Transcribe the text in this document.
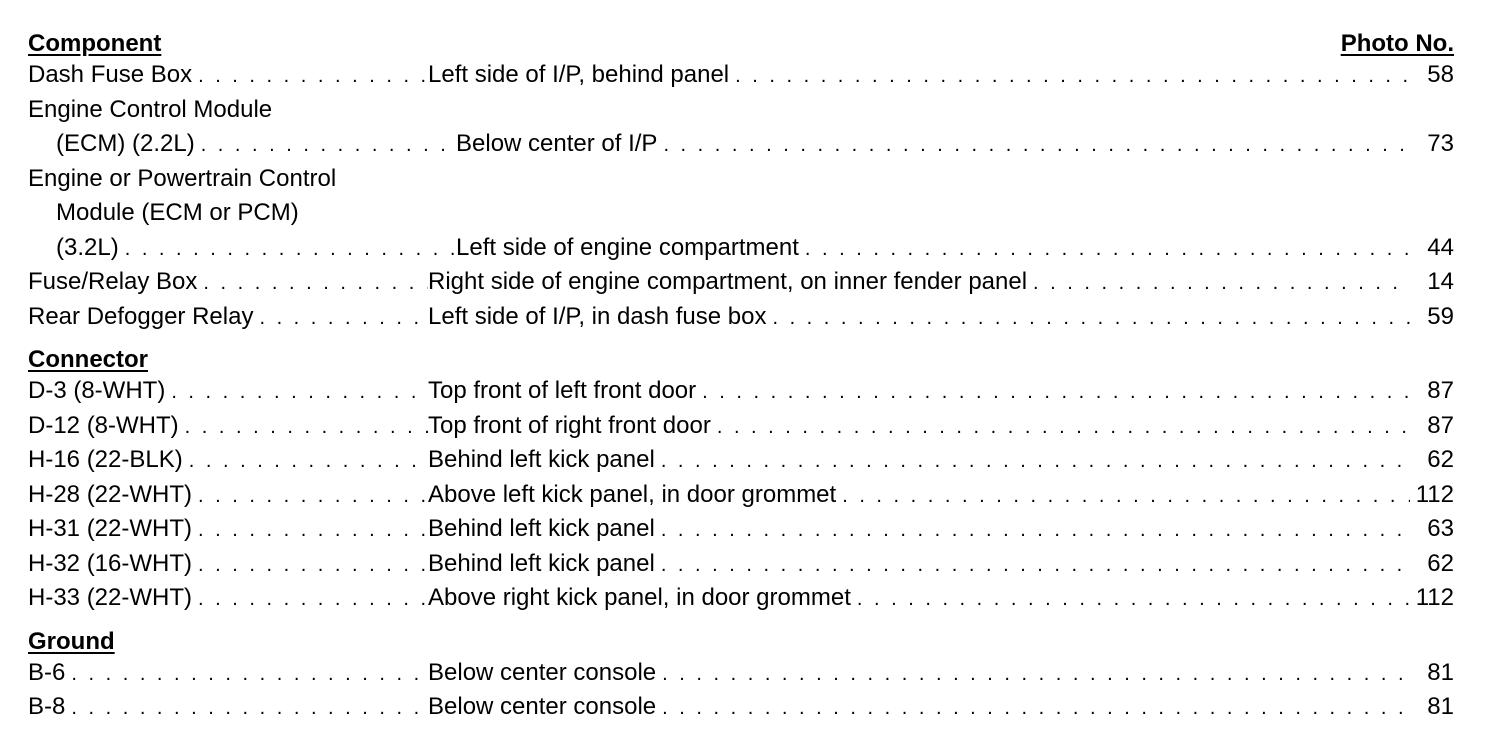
Component	Photo No.
Dash Fuse Box . . .	Left side of I/P, behind panel . . .	58
Engine Control Module
(ECM) (2.2L) . . .	Below center of I/P . . .	73
Engine or Powertrain Control
Module (ECM or PCM)
(3.2L) . . .	Left side of engine compartment . . .	44
Fuse/Relay Box . . .	Right side of engine compartment, on inner fender panel . . .	14
Rear Defogger Relay . . .	Left side of I/P, in dash fuse box . . .	59
Connector
D-3 (8-WHT) . . .	Top front of left front door . . .	87
D-12 (8-WHT) . . .	Top front of right front door . . .	87
H-16 (22-BLK) . . .	Behind left kick panel . . .	62
H-28 (22-WHT) . . .	Above left kick panel, in door grommet . . .	112
H-31 (22-WHT) . . .	Behind left kick panel . . .	63
H-32 (16-WHT) . . .	Behind left kick panel . . .	62
H-33 (22-WHT) . . .	Above right kick panel, in door grommet . . .	112
Ground
B-6 . . .	Below center console . . .	81
B-8 . . .	Below center console . . .	81
